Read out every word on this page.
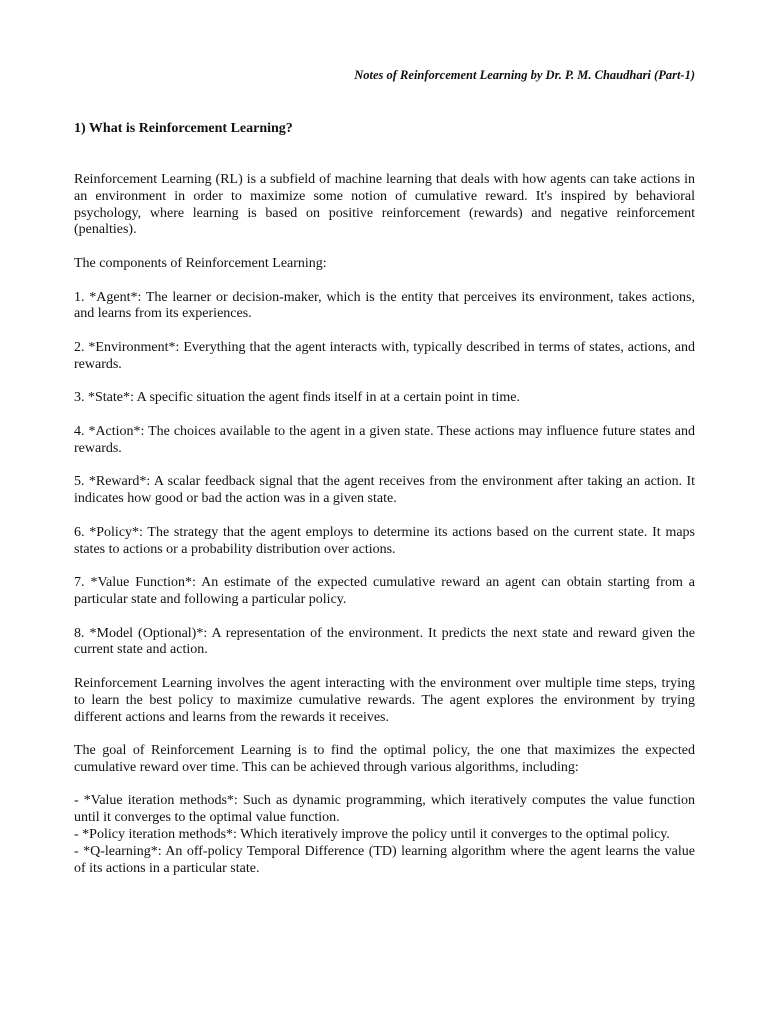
Notes of Reinforcement Learning by Dr. P. M. Chaudhari (Part-1)

1) What is Reinforcement Learning?

Reinforcement Learning (RL) is a subfield of machine learning that deals with how agents can take actions in an environment in order to maximize some notion of cumulative reward. It's inspired by behavioral psychology, where learning is based on positive reinforcement (rewards) and negative reinforcement (penalties).

The components of Reinforcement Learning:

1. *Agent*: The learner or decision-maker, which is the entity that perceives its environment, takes actions, and learns from its experiences.

2. *Environment*: Everything that the agent interacts with, typically described in terms of states, actions, and rewards.

3. *State*: A specific situation the agent finds itself in at a certain point in time.

4. *Action*: The choices available to the agent in a given state. These actions may influence future states and rewards.

5. *Reward*: A scalar feedback signal that the agent receives from the environment after taking an action. It indicates how good or bad the action was in a given state.

6. *Policy*: The strategy that the agent employs to determine its actions based on the current state. It maps states to actions or a probability distribution over actions.

7. *Value Function*: An estimate of the expected cumulative reward an agent can obtain starting from a particular state and following a particular policy.

8. *Model (Optional)*: A representation of the environment. It predicts the next state and reward given the current state and action.

Reinforcement Learning involves the agent interacting with the environment over multiple time steps, trying to learn the best policy to maximize cumulative rewards. The agent explores the environment by trying different actions and learns from the rewards it receives.

The goal of Reinforcement Learning is to find the optimal policy, the one that maximizes the expected cumulative reward over time. This can be achieved through various algorithms, including:

- *Value iteration methods*: Such as dynamic programming, which iteratively computes the value function until it converges to the optimal value function.

- *Policy iteration methods*: Which iteratively improve the policy until it converges to the optimal policy.

- *Q-learning*: An off-policy Temporal Difference (TD) learning algorithm where the agent learns the value of its actions in a particular state.
